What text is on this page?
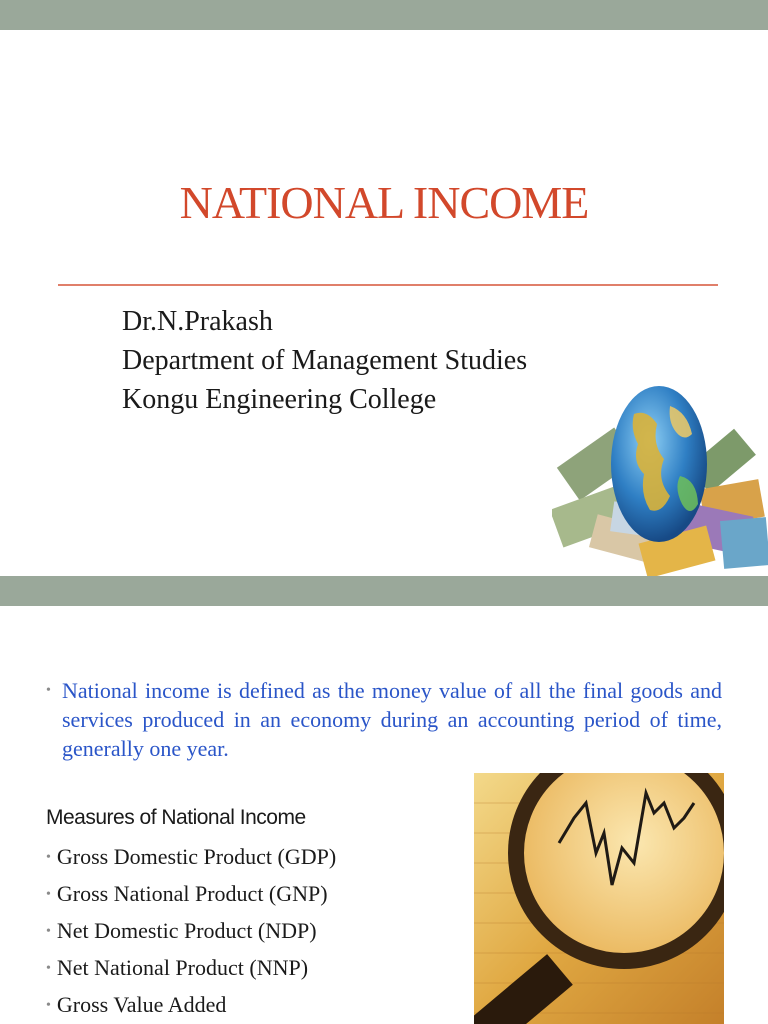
NATIONAL INCOME
Dr.N.Prakash
Department of Management Studies
Kongu Engineering College
• National income is defined as the money value of all the final goods and services produced in an economy during an accounting period of time, generally one year.
Measures of National Income
• Gross Domestic Product (GDP)
• Gross National Product (GNP)
• Net Domestic Product (NDP)
• Net National Product (NNP)
• Gross Value Added
